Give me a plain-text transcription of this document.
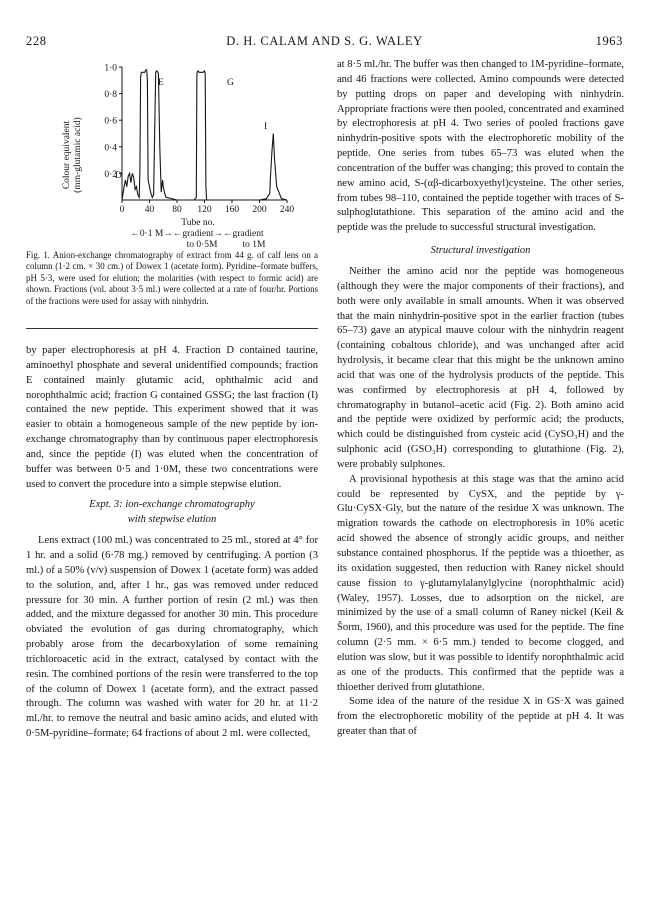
228	D. H. CALAM AND S. G. WALEY	1963
Colour equivalent (mm-glutamic acid)
0 40 80 120 160 200 240
0·2
0·4
0·6
0·8
1·0
D
E	G
I
Tube no.
←0·1 M→←gradient→←gradient
to 0·5M	to 1M
Fig. 1. Anion-exchange chromatography of extract from 44 g. of calf lens on a column (1·2 cm. × 30 cm.) of Dowex 1 (acetate form). Pyridine–formate buffers, pH 5·3, were used for elution; the molarities (with respect to formic acid) are shown. Fractions (vol. about 3·5 ml.) were collected at a rate of four/hr. Portions of the fractions were used for assay with ninhydrin.

by paper electrophoresis at pH 4. Fraction D contained taurine, aminoethyl phosphate and several unidentified compounds; fraction E contained mainly glutamic acid, ophthalmic acid and norophthalmic acid; fraction G contained GSSG; the last fraction (I) contained the new peptide. This experiment showed that it was easier to obtain a homogeneous sample of the new peptide by ion-exchange chromatography than by continuous paper electrophoresis and, since the peptide (I) was eluted when the concentration of buffer was between 0·5 and 1·0M, these two concentrations were used to convert the procedure into a simple stepwise elution.

Expt. 3: ion-exchange chromatography
with stepwise elution

Lens extract (100 ml.) was concentrated to 25 ml., stored at 4° for 1 hr. and a solid (6·78 mg.) removed by centrifuging. A portion (3 ml.) of a 50% (v/v) suspension of Dowex 1 (acetate form) was added to the solution, and, after 1 hr., gas was removed under reduced pressure for 30 min. A further portion of resin (2 ml.) was then added, and the mixture degassed for another 30 min. This procedure obviated the evolution of gas during chromatography, which probably arose from the decarboxylation of some remaining trichloroacetic acid in the extract, catalysed by contact with the resin. The combined portions of the resin were transferred to the top of the column of Dowex 1 (acetate form), and the extract passed through. The column was washed with water for 20 hr. at 11·2 ml./hr. to remove the neutral and basic amino acids, and eluted with 0·5M-pyridine–formate; 64 fractions of about 2 ml. were collected,

at 8·5 ml./hr. The buffer was then changed to 1M-pyridine–formate, and 46 fractions were collected. Amino compounds were detected by putting drops on paper and developing with ninhydrin. Appropriate fractions were then pooled, concentrated and examined by electrophoresis at pH 4. Two series of pooled fractions gave ninhydrin-positive spots with the electrophoretic mobility of the peptide. One series from tubes 65–73 was eluted when the concentration of the buffer was changing; this proved to contain the new amino acid, S-(αβ-dicarboxyethyl)cysteine. The other series, from tubes 98–110, contained the peptide together with traces of S-sulphoglutathione. This separation of the amino acid and the peptide was the prelude to successful structural investigation.

Structural investigation

Neither the amino acid nor the peptide was homogeneous (although they were the major components of their fractions), and both were only available in small amounts. When it was observed that the main ninhydrin-positive spot in the earlier fraction (tubes 65–73) gave an atypical mauve colour with the ninhydrin reagent (containing cobaltous chloride), and was unchanged after acid hydrolysis, it became clear that this might be the unknown amino acid that was one of the hydrolysis products of the peptide. This was confirmed by electrophoresis at pH 4, followed by chromatography in butanol–acetic acid (Fig. 2). Both amino acid and the peptide were oxidized by performic acid; the products, which could be distinguished from cysteic acid (CySO₃H) and the sulphonic acid (GSO₃H) corresponding to glutathione (Fig. 2), were probably sulphones.

A provisional hypothesis at this stage was that the amino acid could be represented by CySX, and the peptide by γ-Glu·CySX·Gly, but the nature of the residue X was unknown. The migration towards the cathode on electrophoresis in 10% acetic acid showed the absence of strongly acidic groups, and neither substance contained phosphorus. If the peptide was a thioether, as its oxidation suggested, then reduction with Raney nickel should cause fission to γ-glutamylalanylglycine (norophthalmic acid) (Waley, 1957). Losses, due to adsorption on the nickel, are minimized by the use of a small column of Raney nickel (Keil & Šorm, 1960), and this procedure was used for the peptide. The fine column (2·5 mm. × 6·5 mm.) tended to become clogged, and elution was slow, but it was possible to identify norophthalmic acid as one of the products. This confirmed that the peptide was a thioether derived from glutathione.

Some idea of the nature of the residue X in GS·X was gained from the electrophoretic mobility of the peptide at pH 4. It was greater than that of
